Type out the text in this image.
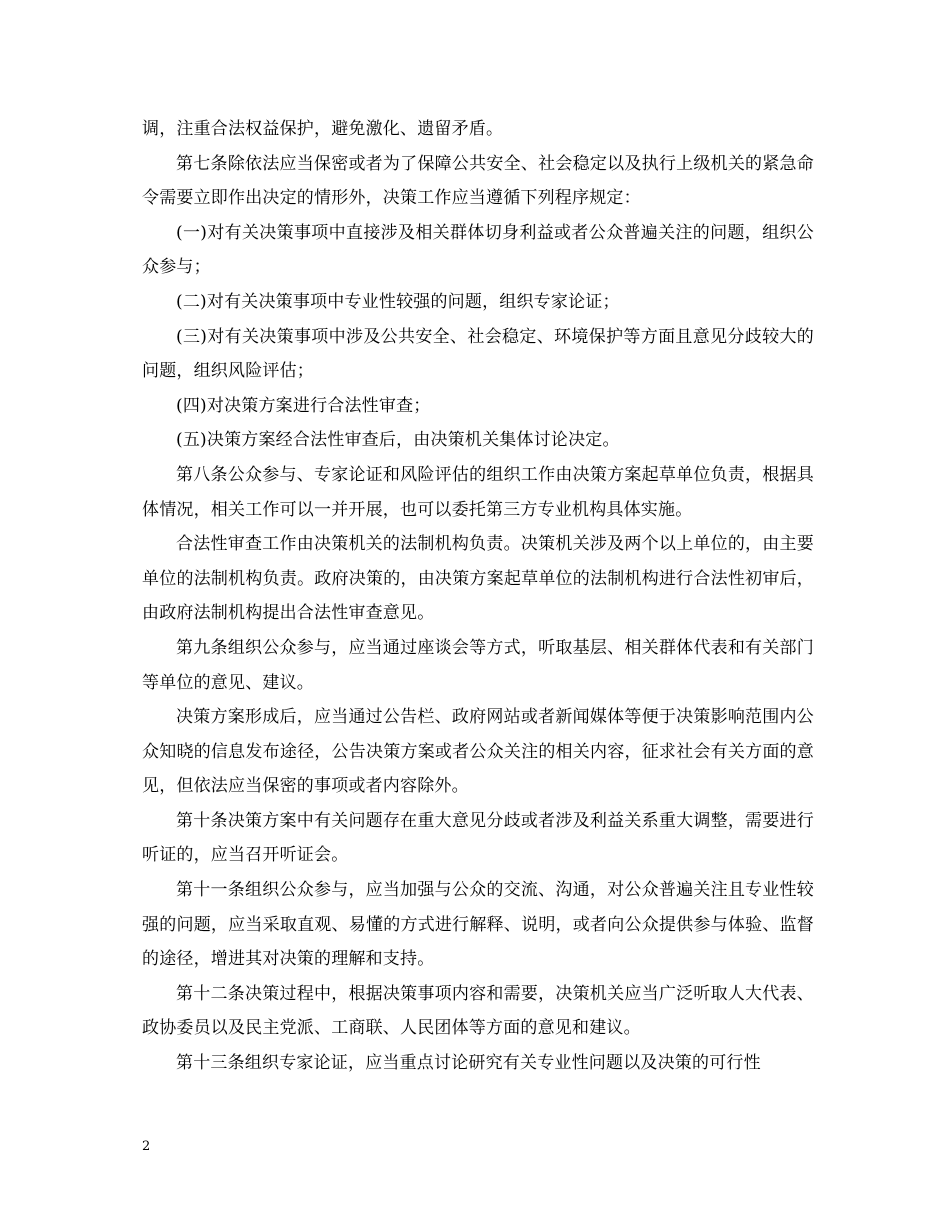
调，注重合法权益保护，避免激化、遗留矛盾。

第七条除依法应当保密或者为了保障公共安全、社会稳定以及执行上级机关的紧急命令需要立即作出决定的情形外，决策工作应当遵循下列程序规定：

(一)对有关决策事项中直接涉及相关群体切身利益或者公众普遍关注的问题，组织公众参与；

(二)对有关决策事项中专业性较强的问题，组织专家论证；

(三)对有关决策事项中涉及公共安全、社会稳定、环境保护等方面且意见分歧较大的问题，组织风险评估；

(四)对决策方案进行合法性审查；

(五)决策方案经合法性审查后，由决策机关集体讨论决定。

第八条公众参与、专家论证和风险评估的组织工作由决策方案起草单位负责，根据具体情况，相关工作可以一并开展，也可以委托第三方专业机构具体实施。

合法性审查工作由决策机关的法制机构负责。决策机关涉及两个以上单位的，由主要单位的法制机构负责。政府决策的，由决策方案起草单位的法制机构进行合法性初审后，由政府法制机构提出合法性审查意见。

第九条组织公众参与，应当通过座谈会等方式，听取基层、相关群体代表和有关部门等单位的意见、建议。

决策方案形成后，应当通过公告栏、政府网站或者新闻媒体等便于决策影响范围内公众知晓的信息发布途径，公告决策方案或者公众关注的相关内容，征求社会有关方面的意见，但依法应当保密的事项或者内容除外。

第十条决策方案中有关问题存在重大意见分歧或者涉及利益关系重大调整，需要进行听证的，应当召开听证会。

第十一条组织公众参与，应当加强与公众的交流、沟通，对公众普遍关注且专业性较强的问题，应当采取直观、易懂的方式进行解释、说明，或者向公众提供参与体验、监督的途径，增进其对决策的理解和支持。

第十二条决策过程中，根据决策事项内容和需要，决策机关应当广泛听取人大代表、政协委员以及民主党派、工商联、人民团体等方面的意见和建议。

第十三条组织专家论证，应当重点讨论研究有关专业性问题以及决策的可行性

2
